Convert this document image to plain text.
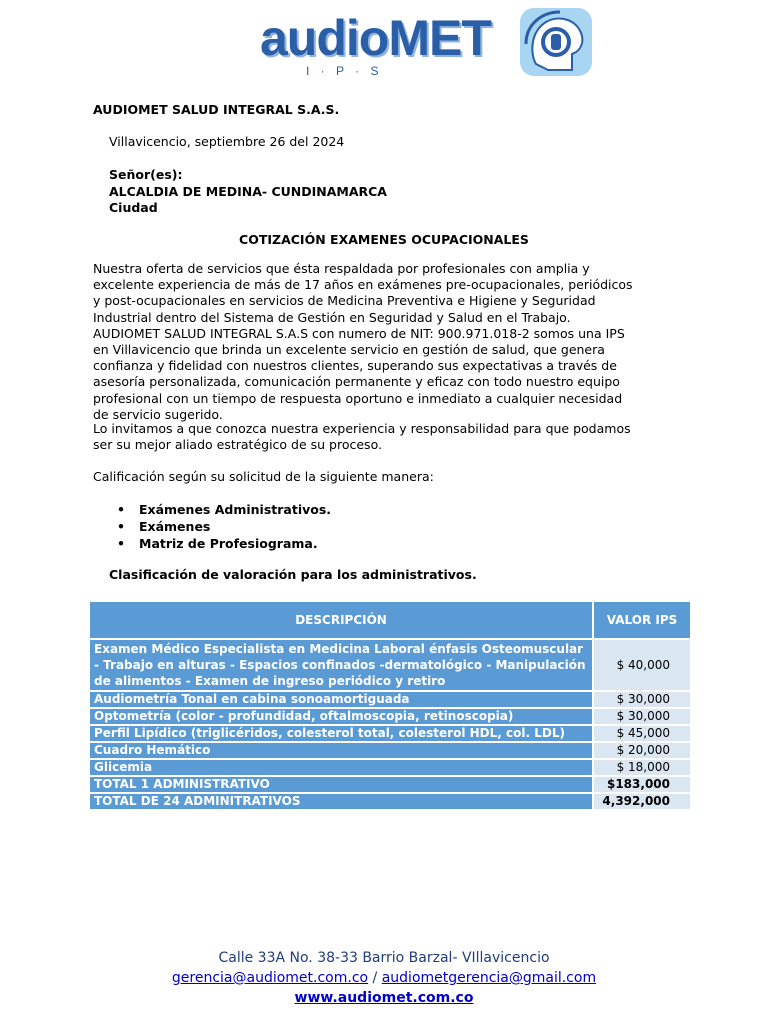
audioMET
I · P · S
AUDIOMET SALUD INTEGRAL S.A.S.
Villavicencio, septiembre 26 del 2024
Señor(es):
ALCALDIA DE MEDINA- CUNDINAMARCA
Ciudad
COTIZACIÓN EXAMENES OCUPACIONALES

Nuestra oferta de servicios que ésta respaldada por profesionales con amplia y excelente experiencia de más de 17 años en exámenes pre-ocupacionales, periódicos y post-ocupacionales en servicios de Medicina Preventiva e Higiene y Seguridad Industrial dentro del Sistema de Gestión en Seguridad y Salud en el Trabajo.

AUDIOMET SALUD INTEGRAL S.A.S con numero de NIT: 900.971.018-2 somos una IPS en Villavicencio que brinda un excelente servicio en gestión de salud, que genera confianza y fidelidad con nuestros clientes, superando sus expectativas a través de asesoría personalizada, comunicación permanente y eficaz con todo nuestro equipo profesional con un tiempo de respuesta oportuno e inmediato a cualquier necesidad de servicio sugerido.

Lo invitamos a que conozca nuestra experiencia y responsabilidad para que podamos ser su mejor aliado estratégico de su proceso.
Calificación según su solicitud de la siguiente manera:
• Exámenes Administrativos.
• Exámenes
• Matriz de Profesiograma.
Clasificación de valoración para los administrativos.
DESCRIPCIÓN	VALOR IPS
Examen Médico Especialista en Medicina Laboral énfasis Osteomuscular - Trabajo en alturas - Espacios confinados -dermatológico - Manipulación de alimentos - Examen de ingreso periódico y retiro	$ 40,000
Audiometría Tonal en cabina sonoamortiguada	$ 30,000
Optometría (color - profundidad, oftalmoscopia, retinoscopia)	$ 30,000
Perfil Lipídico (triglicéridos, colesterol total, colesterol HDL, col. LDL)	$ 45,000
Cuadro Hemático	$ 20,000
Glicemia	$ 18,000
TOTAL 1 ADMINISTRATIVO	$183,000
TOTAL DE 24 ADMINITRATIVOS	4,392,000
Calle 33A No. 38-33 Barrio Barzal- VIllavicencio
gerencia@audiomet.com.co / audiometgerencia@gmail.com
www.audiomet.com.co
